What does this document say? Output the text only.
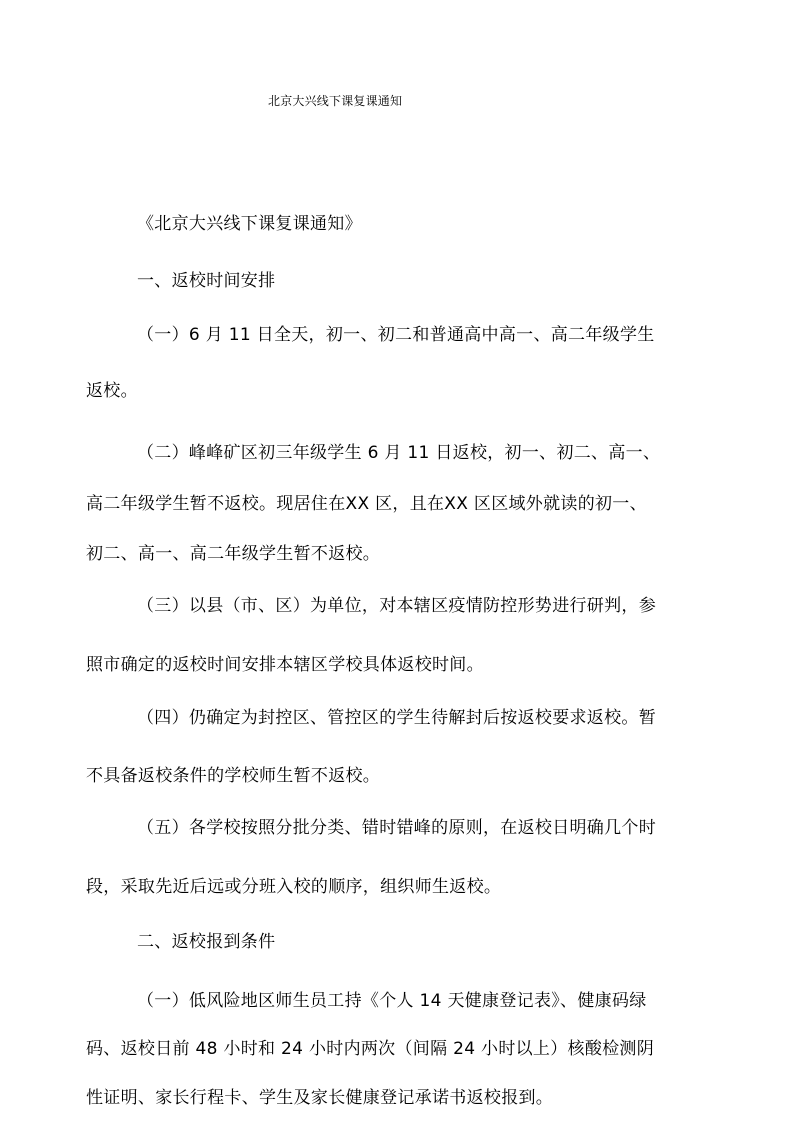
北京大兴线下课复课通知
《北京大兴线下课复课通知》
一、返校时间安排
（一）6 月 11 日全天，初一、初二和普通高中高一、高二年级学生
返校。
（二）峰峰矿区初三年级学生 6 月 11 日返校，初一、初二、高一、
高二年级学生暂不返校。现居住在XX 区，且在XX 区区域外就读的初一、
初二、高一、高二年级学生暂不返校。
（三）以县（市、区）为单位，对本辖区疫情防控形势进行研判，参
照市确定的返校时间安排本辖区学校具体返校时间。
（四）仍确定为封控区、管控区的学生待解封后按返校要求返校。暂
不具备返校条件的学校师生暂不返校。
（五）各学校按照分批分类、错时错峰的原则，在返校日明确几个时
段，采取先近后远或分班入校的顺序，组织师生返校。
二、返校报到条件
（一）低风险地区师生员工持《个人 14 天健康登记表》、健康码绿
码、返校日前 48 小时和 24 小时内两次（间隔 24 小时以上）核酸检测阴
性证明、家长行程卡、学生及家长健康登记承诺书返校报到。
